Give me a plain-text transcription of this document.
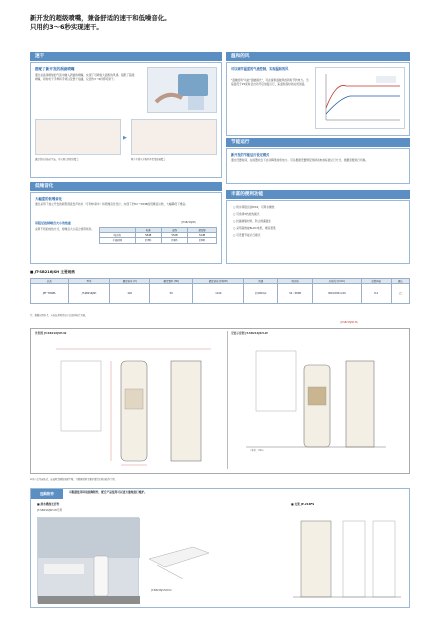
新开发的超级喷嘴，兼备舒适的速干和低噪音化。
只用约3～6秒实现速干。
速干
搭配了新开发的涡旋喷嘴
通过在高速喷射的气流中融入涡旋的喷嘴，实现了可喷射大面积的风速。搭配了超级喷嘴，同时吹干手掌和手背以及整个指缝，仅需约3～6秒即可速干。
▶
通过喷出的旋转气流，可实现大面积的覆盖	整个手掌从手腕到手指都能被覆盖
低噪音化
大幅度的低噪音化
通过采用了独立开发的新型涡流发声技术（专利申请中）和低噪音化设计，实现了约52～58dB的低噪音运转，大幅降低了噪音。
用阻尼控制噪音大小的性能
采用不同的加热方式，使噪音大小适合使用场所。
(JT-SB216JSH)
	标准	安静	超安静
噪音值	58dB	55dB	52dB
干燥时间	约3秒	约4秒	约6秒
温和的风
可以调节温度的气流控制，实现温和的风
"温暖的风"功能"温暖模式"，可在提供温暖风的同时节约电力。当室温低于25度时会自动开启加温运行，室温较高时则关闭加温。
节能运行
新开发的节能运行设定模式
通过设置时间，在闲置状态下自动降低待机电力。可以根据设置情况选择省电或标准运行方式，根据需要进行切换。
丰富的便利功能
○ 防水等级达到IPX4，可用水擦洗
○ 可选择3档加热模式
○ 抗菌树脂材料，防止细菌滋生
○ 采用高效能BLDC电机，噪音更低
○ 可设置节能运行模式
■ JT-SB216JSH 主要规格
品名	型号	额定电压 (V)	额定频率 (Hz)	额定消耗功率(W)	风速	噪音值	外形尺寸(mm)	重量(kg)	颜色
JET TOWEL	JT-SB216JSH	220	50	1140	约100m/s	52～58dB	300×695×219	8.2	白
注：数据仅供参考，实际使用时请以产品铭牌标注为准。
(JT-SB216JSH-W)
外形图 JT-SB216JSH-W	安装示意图 JT-SB216JSH-W
（单位：mm）
※本产品为落地式，安装时需确保地面平整，并根据说明书要求预留足够的操作空间。
选购附件	可根据使用环境选购附件，配合产品使用可以更方便地进行维护。
■ 排水槽加长套件
JT-SB216JSH-W专用
JT-SB216JSH-DUC
■ 支架 JP-216FS
